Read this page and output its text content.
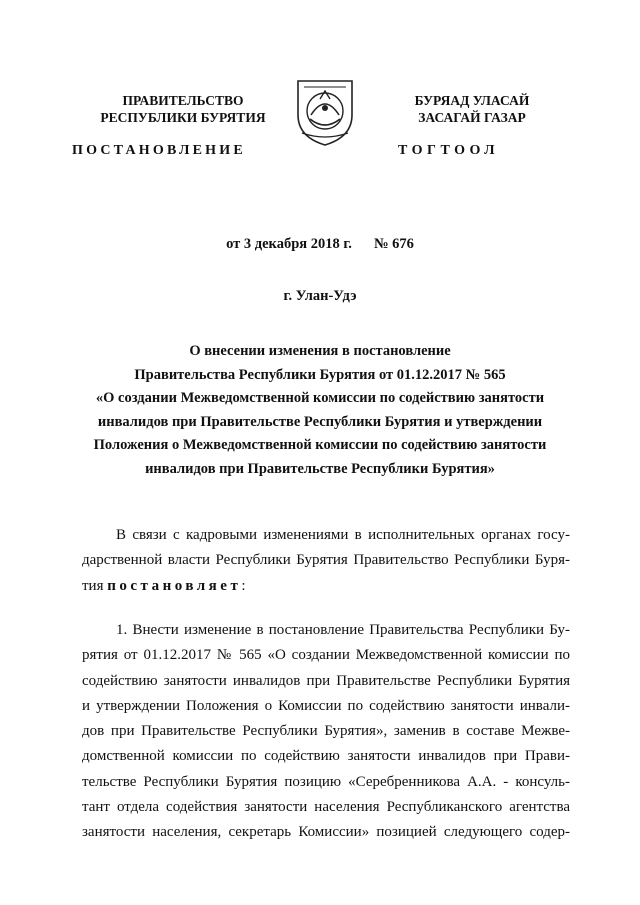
ПРАВИТЕЛЬСТВО
РЕСПУБЛИКИ БУРЯТИЯ
БУРЯАД УЛАСАЙ
ЗАСАГАЙ ГАЗАР
ПОСТАНОВЛЕНИЕ	ТОГТООЛ
от 3 декабря 2018 г. № 676
г. Улан-Удэ
О внесении изменения в постановление
Правительства Республики Бурятия от 01.12.2017 № 565
«О создании Межведомственной комиссии по содействию занятости
инвалидов при Правительстве Республики Бурятия и утверждении
Положения о Межведомственной комиссии по содействию занятости
инвалидов при Правительстве Республики Бурятия»
В связи с кадровыми изменениями в исполнительных органах госу-
дарственной власти Республики Бурятия Правительство Республики Буря-
тия постановляет:
1. Внести изменение в постановление Правительства Республики Бу-
рятия от 01.12.2017 № 565 «О создании Межведомственной комиссии по
содействию занятости инвалидов при Правительстве Республики Бурятия
и утверждении Положения о Комиссии по содействию занятости инвали-
дов при Правительстве Республики Бурятия», заменив в составе Межве-
домственной комиссии по содействию занятости инвалидов при Прави-
тельстве Республики Бурятия позицию «Серебренникова А.А. - консуль-
тант отдела содействия занятости населения Республиканского агентства
занятости населения, секретарь Комиссии» позицией следующего содер-
